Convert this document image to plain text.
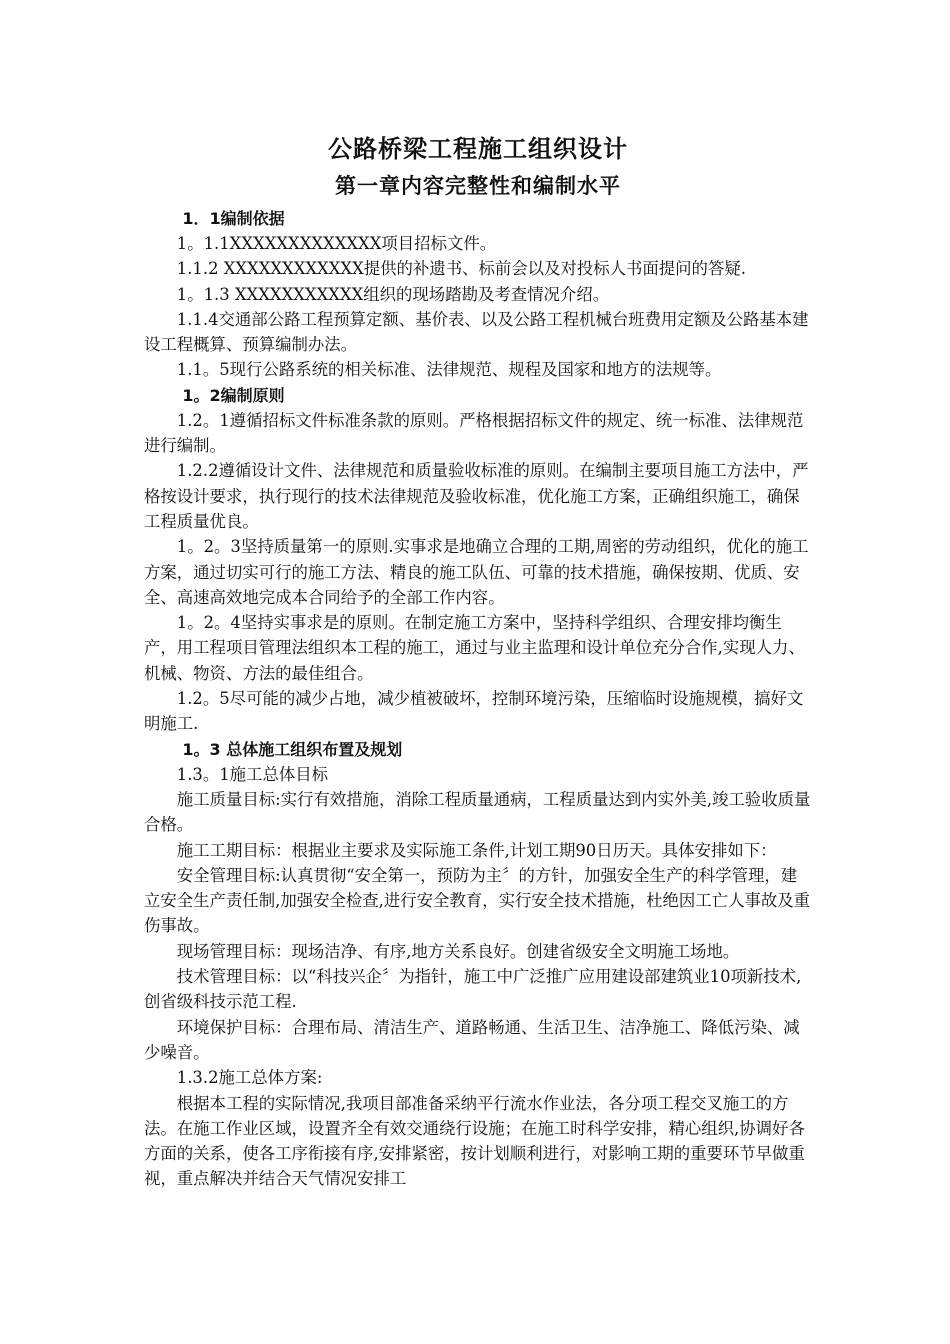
公路桥梁工程施工组织设计
第一章内容完整性和编制水平
1．1编制依据

1。1.1XXXXXXXXXXXXX项目招标文件。

1.1.2 XXXXXXXXXXXX提供的补遗书、标前会以及对投标人书面提问的答疑.

1。1.3 XXXXXXXXXXX组织的现场踏勘及考查情况介绍。

1.1.4交通部公路工程预算定额、基价表、以及公路工程机械台班费用定额及公路基本建设工程概算、预算编制办法。

1.1。5现行公路系统的相关标准、法律规范、规程及国家和地方的法规等。

1。2编制原则

1.2。1遵循招标文件标准条款的原则。严格根据招标文件的规定、统一标准、法律规范进行编制。

1.2.2遵循设计文件、法律规范和质量验收标准的原则。在编制主要项目施工方法中，严格按设计要求，执行现行的技术法律规范及验收标准，优化施工方案，正确组织施工，确保工程质量优良。

1。2。3坚持质量第一的原则.实事求是地确立合理的工期,周密的劳动组织，优化的施工方案，通过切实可行的施工方法、精良的施工队伍、可靠的技术措施，确保按期、优质、安全、高速高效地完成本合同给予的全部工作内容。

1。2。4坚持实事求是的原则。在制定施工方案中，坚持科学组织、合理安排均衡生产，用工程项目管理法组织本工程的施工，通过与业主监理和设计单位充分合作,实现人力、机械、物资、方法的最佳组合。

1.2。5尽可能的减少占地，减少植被破坏，控制环境污染，压缩临时设施规模，搞好文明施工.

1。3 总体施工组织布置及规划

1.3。1施工总体目标

施工质量目标:实行有效措施，消除工程质量通病，工程质量达到内实外美,竣工验收质量合格。

施工工期目标：根据业主要求及实际施工条件,计划工期90日历天。具体安排如下：

安全管理目标:认真贯彻“安全第一，预防为主〞的方针，加强安全生产的科学管理，建立安全生产责任制,加强安全检查,进行安全教育，实行安全技术措施，杜绝因工亡人事故及重伤事故。

现场管理目标：现场洁净、有序,地方关系良好。创建省级安全文明施工场地。

技术管理目标：以“科技兴企〞为指针，施工中广泛推广应用建设部建筑业10项新技术,创省级科技示范工程.

环境保护目标：合理布局、清洁生产、道路畅通、生活卫生、洁净施工、降低污染、减少噪音。

1.3.2施工总体方案:

根据本工程的实际情况,我项目部准备采纳平行流水作业法，各分项工程交叉施工的方法。在施工作业区域，设置齐全有效交通绕行设施；在施工时科学安排，精心组织,协调好各方面的关系，使各工序衔接有序,安排紧密，按计划顺利进行，对影响工期的重要环节早做重视，重点解决并结合天气情况安排工
